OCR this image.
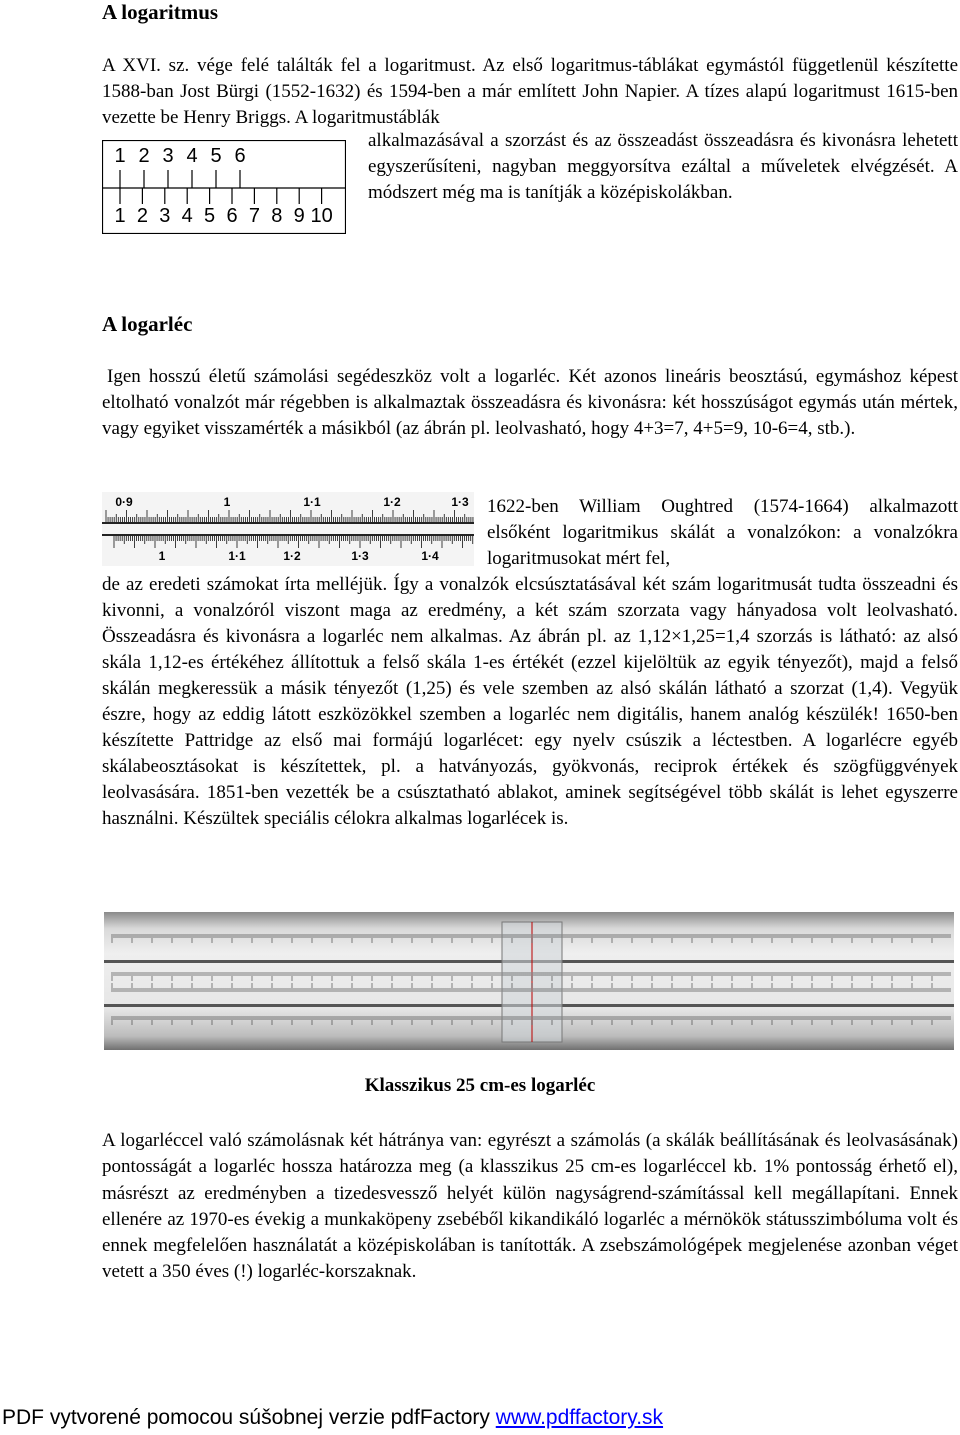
A logaritmus

A XVI. sz. vége felé találták fel a logaritmust. Az első logaritmus-táblákat egymástól függetlenül készítette 1588-ban Jost Bürgi (1552-1632) és 1594-ben a már említett John Napier. A tízes alapú logaritmust 1615-ben vezette be Henry Briggs. A logaritmustáblák

1 2 3 4 5 6
1 2 3 4 5 6 7 8 9 10

alkalmazásával a szorzást és az összeadást összeadásra és kivonásra lehetett egyszerűsíteni, nagyban meggyorsítva ezáltal a műveletek elvégzését. A módszert még ma is tanítják a középiskolákban.

A logarléc

Igen hosszú életű számolási segédeszköz volt a logarléc. Két azonos lineáris beosztású, egymáshoz képest eltolható vonalzót már régebben is alkalmaztak összeadásra és kivonásra: két hosszúságot egymás után mértek, vagy egyiket visszamérték a másikból (az ábrán pl. leolvasható, hogy 4+3=7, 4+5=9, 10-6=4, stb.).

0·9	1	1·1	1·2	1·3
1	1·1	1·2	1·3	1·4

1622-ben William Oughtred (1574-1664) alkalmazott elsőként logaritmikus skálát a vonalzókon: a vonalzókra logaritmusokat mért fel,

de az eredeti számokat írta melléjük. Így a vonalzók elcsúsztatásával két szám logaritmusát tudta összeadni és kivonni, a vonalzóról viszont maga az eredmény, a két szám szorzata vagy hányadosa volt leolvasható. Összeadásra és kivonásra a logarléc nem alkalmas. Az ábrán pl. az 1,12×1,25=1,4 szorzás is látható: az alsó skála 1,12-es értékéhez állítottuk a felső skála 1-es értékét (ezzel kijelöltük az egyik tényezőt), majd a felső skálán megkeressük a másik tényezőt (1,25) és vele szemben az alsó skálán látható a szorzat (1,4). Vegyük észre, hogy az eddig látott eszközökkel szemben a logarléc nem digitális, hanem analóg készülék! 1650-ben készítette Pattridge az első mai formájú logarlécet: egy nyelv csúszik a léctestben. A logarlécre egyéb skálabeosztásokat is készítettek, pl. a hatványozás, gyökvonás, reciprok értékek és szögfüggvények leolvasására. 1851-ben vezették be a csúsztatható ablakot, aminek segítségével több skálát is lehet egyszerre használni. Készültek speciális célokra alkalmas logarlécek is.

Klasszikus 25 cm-es logarléc

A logarléccel való számolásnak két hátránya van: egyrészt a számolás (a skálák beállításának és leolvasásának) pontosságát a logarléc hossza határozza meg (a klasszikus 25 cm-es logarléccel kb. 1% pontosság érhető el), másrészt az eredményben a tizedesvessző helyét külön nagyságrend-számítással kell megállapítani. Ennek ellenére az 1970-es évekig a munkaköpeny zsebéből kikandikáló logarléc a mérnökök státusszimbóluma volt és ennek megfelelően használatát a középiskolában is tanították. A zsebszámológépek megjelenése azonban véget vetett a 350 éves (!) logarléc-korszaknak.

PDF vytvorené pomocou súšobnej verzie pdfFactory www.pdffactory.sk
